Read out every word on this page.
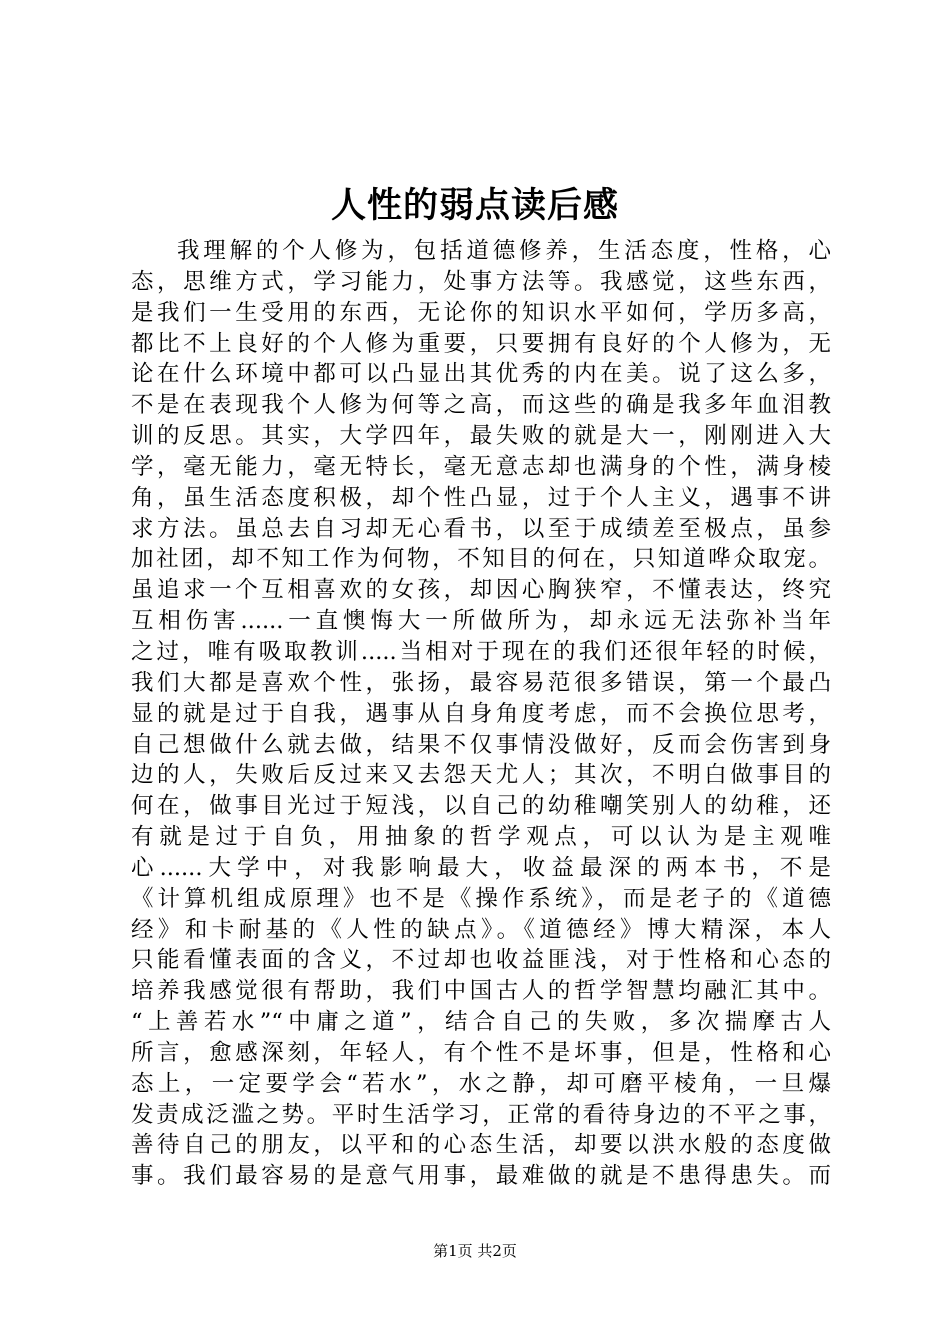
人性的弱点读后感
我理解的个人修为，包括道德修养，生活态度，性格，心
态，思维方式，学习能力，处事方法等。我感觉，这些东西，
是我们一生受用的东西，无论你的知识水平如何，学历多高，
都比不上良好的个人修为重要，只要拥有良好的个人修为，无
论在什么环境中都可以凸显出其优秀的内在美。说了这么多，
不是在表现我个人修为何等之高，而这些的确是我多年血泪教
训的反思。其实，大学四年，最失败的就是大一，刚刚进入大
学，毫无能力，毫无特长，毫无意志却也满身的个性，满身棱
角，虽生活态度积极，却个性凸显，过于个人主义，遇事不讲
求方法。虽总去自习却无心看书，以至于成绩差至极点，虽参
加社团，却不知工作为何物，不知目的何在，只知道哗众取宠。
虽追求一个互相喜欢的女孩，却因心胸狭窄，不懂表达，终究
互相伤害......一直懊悔大一所做所为，却永远无法弥补当年
之过，唯有吸取教训.....当相对于现在的我们还很年轻的时候，
我们大都是喜欢个性，张扬，最容易范很多错误，第一个最凸
显的就是过于自我，遇事从自身角度考虑，而不会换位思考，
自己想做什么就去做，结果不仅事情没做好，反而会伤害到身
边的人，失败后反过来又去怨天尤人；其次，不明白做事目的
何在，做事目光过于短浅，以自己的幼稚嘲笑别人的幼稚，还
有就是过于自负，用抽象的哲学观点，可以认为是主观唯
心......大学中，对我影响最大，收益最深的两本书，不是
《计算机组成原理》也不是《操作系统》，而是老子的《道德
经》和卡耐基的《人性的缺点》。《道德经》博大精深，本人
只能看懂表面的含义，不过却也收益匪浅，对于性格和心态的
培养我感觉很有帮助，我们中国古人的哲学智慧均融汇其中。
“上善若水”“中庸之道”，结合自己的失败，多次揣摩古人
所言，愈感深刻，年轻人，有个性不是坏事，但是，性格和心
态上，一定要学会“若水”，水之静，却可磨平棱角，一旦爆
发责成泛滥之势。平时生活学习，正常的看待身边的不平之事，
善待自己的朋友，以平和的心态生活，却要以洪水般的态度做
事。我们最容易的是意气用事，最难做的就是不患得患失。而
第1页 共2页
